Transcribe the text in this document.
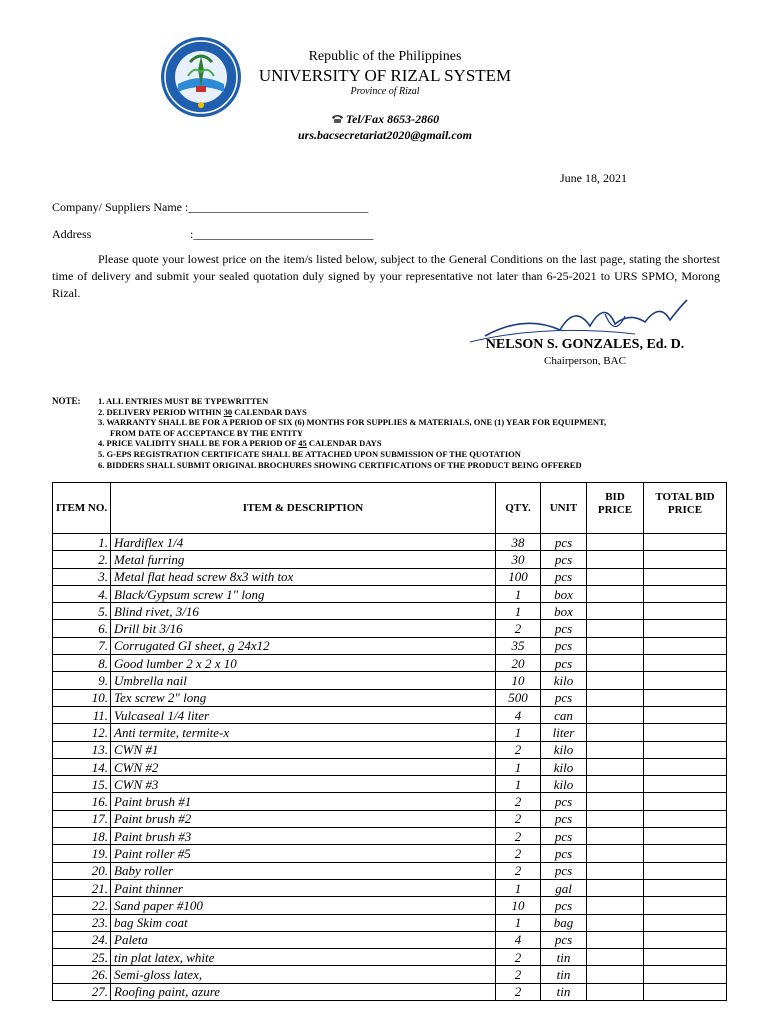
Republic of the Philippines
UNIVERSITY OF RIZAL SYSTEM
Province of Rizal
Tel/Fax 8653-2860
urs.bacsecretariat2020@gmail.com
June 18, 2021
Company/ Suppliers Name :______________________________
Address	:______________________________
Please quote your lowest price on the item/s listed below, subject to the General Conditions on the last page, stating the shortest time of delivery and submit your sealed quotation duly signed by your representative not later than 6-25-2021 to URS SPMO, Morong Rizal.
NELSON S. GONZALES, Ed. D.
Chairperson, BAC
NOTE: 1. ALL ENTRIES MUST BE TYPEWRITTEN
2. DELIVERY PERIOD WITHIN 30 CALENDAR DAYS
3. WARRANTY SHALL BE FOR A PERIOD OF SIX (6) MONTHS FOR SUPPLIES & MATERIALS, ONE (1) YEAR FOR EQUIPMENT,
FROM DATE OF ACCEPTANCE BY THE ENTITY
4. PRICE VALIDITY SHALL BE FOR A PERIOD OF 45 CALENDAR DAYS
5. G-EPS REGISTRATION CERTIFICATE SHALL BE ATTACHED UPON SUBMISSION OF THE QUOTATION
6. BIDDERS SHALL SUBMIT ORIGINAL BROCHURES SHOWING CERTIFICATIONS OF THE PRODUCT BEING OFFERED
ITEM NO.	ITEM & DESCRIPTION	QTY.	UNIT	BID PRICE	TOTAL BID PRICE
1.	Hardiflex 1/4	38	pcs		
2.	Metal furring	30	pcs		
3.	Metal flat head screw 8x3 with tox	100	pcs		
4.	Black/Gypsum screw 1" long	1	box		
5.	Blind rivet, 3/16	1	box		
6.	Drill bit 3/16	2	pcs		
7.	Corrugated GI sheet, g 24x12	35	pcs		
8.	Good lumber 2 x 2 x 10	20	pcs		
9.	Umbrella nail	10	kilo		
10.	Tex screw 2" long	500	pcs		
11.	Vulcaseal 1/4 liter	4	can		
12.	Anti termite, termite-x	1	liter		
13.	CWN #1	2	kilo		
14.	CWN #2	1	kilo		
15.	CWN #3	1	kilo		
16.	Paint brush #1	2	pcs		
17.	Paint brush #2	2	pcs		
18.	Paint brush #3	2	pcs		
19.	Paint roller #5	2	pcs		
20.	Baby roller	2	pcs		
21.	Paint thinner	1	gal		
22.	Sand paper #100	10	pcs		
23.	bag Skim coat	1	bag		
24.	Paleta	4	pcs		
25.	tin plat latex, white	2	tin		
26.	Semi-gloss latex,	2	tin		
27.	Roofing paint, azure	2	tin		
